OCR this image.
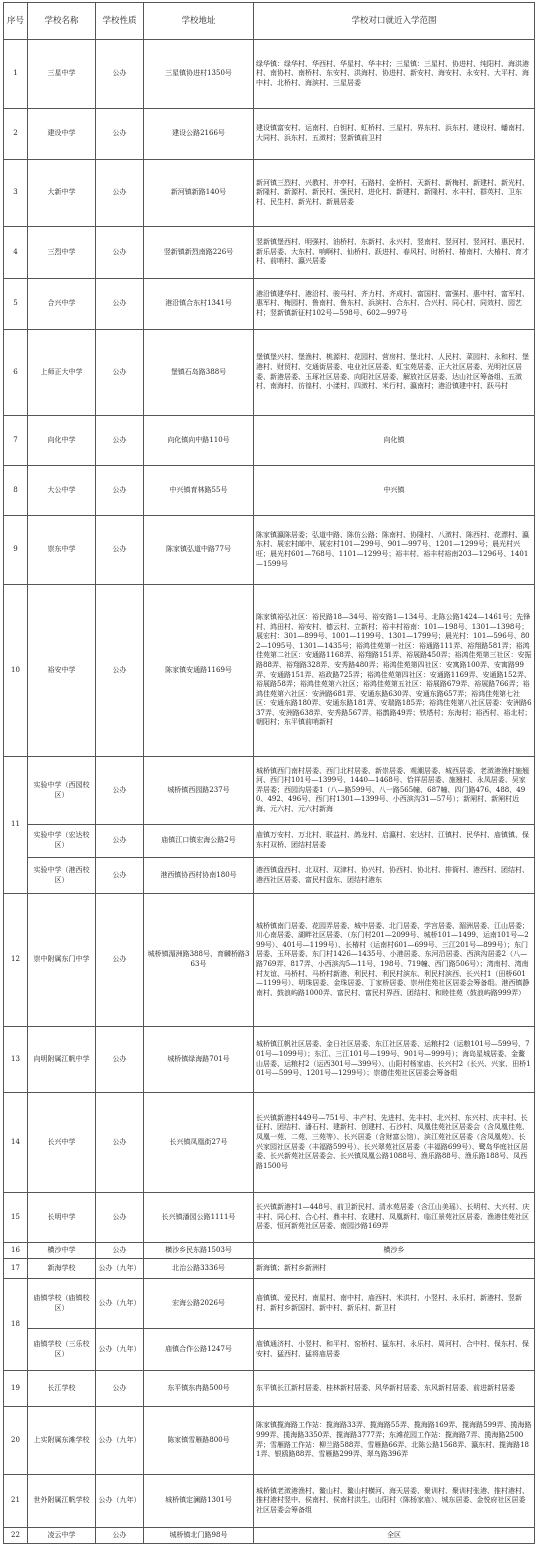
序号	学校名称	学校性质	学校地址	学校对口就近入学范围
1	三星中学	公办	三星镇协进村1350号	绿华镇：绿华村、华西村、华星村、华丰村；三星镇：三星村、协进村、纯阳村、海洪港村、南协村、南桥村、东安村、洪海村、协进村、新安村、海安村、永安村、大平村、海中村、北桥村、海滨村、三星居委
2	建设中学	公办	建设公路2166号	建设镇富安村、运南村、白钥村、虹桥村、三星村、界东村、浜东村、建设村、蟠南村、大同村、浜东村、五滧村；竖新镇前卫村
3	大新中学	公办	新河镇新路140号	新河镇三烈村、兴教村、井亭村、石路村、金桥村、天新村、新梅村、新建村、新光村、新隆村、新源村、新民村、强民村、进化村、新建村、新隆村、水丰村、群英村、卫东村、民生村、新光村、新晨居委
4	三烈中学	公办	竖新镇新烈南路226号	竖新镇堡西村、明强村、油桥村、东新村、永兴村、竖南村、竖河村、竖河村、惠民村、新乐居委、大东村、响啊村、仙桥村、跃进村、春风村、时桥村、椿南村、大椿村、育才村、前哨村、瀛兴居委
5	合兴中学	公办	港沿镇合东村1341号	港沿镇建华村、港沿村、骏马村、齐力村、齐成村、富国村、富强村、惠中村、富军村、惠军村、梅园村、鲁南村、鲁东村、浜滨村、合东村、合兴村、同心村、同效村、园艺村；竖新镇新征村102号—598号、602—997号
6	上师正大中学	公办	堡镇石岛路388号	堡镇堡兴村、堡渔村、桃源村、花园村、营房村、堡北村、人民村、菜园村、永和村、堡港村、财贸村、交通街居委、电业社区居委、虹宝苑居委、正大社区居委、光明社区居委、新港居委、玉琢社区居委、向阳社区居委、解放社区居委、达山社区筹备组、五滧村、南海村、彷徨村、小漾村、四滧村、米行村、瀛南村；港沿镇建中村、跃马村
7	向化中学	公办	向化镇向中路110号	向化镇
8	大公中学	公办	中兴镇育林路55号	中兴镇
9	崇东中学	公办	陈家镇弘道中路77号	陈家镇瀛陈居委；弘道中路、陈仿公路；陈南村、协隆村、八滧村、陈西村、花漂村、瀛东村、展宏村邮中、展宏村101—299号、901—997号、1201—1299号；晨光村兴旺；晨光村601—768号、1101—1299号；裕丰村、裕丰村裕南203—1296号、1401—1599号
10	裕安中学	公办	陈家镇安通路1169号	陈家镇裕弘社区：裕民路18—34号、裕安路1—134号、北陈公路1424—1461号；先锋村、鸿田村、裕安村、德云村、立新村；裕丰村裕南：101—198号、1301—1398号；展宏村：301—899号、1001—1199号、1301—1799号；晨光村：101—596号、802—1095号、1301—1435号；裕鸿佳苑第一社区：裕通路111弄、裕翔路581弄；裕鸿佳苑第二社区：安通路1168弄、裕翔路151弄、裕展路450弄；裕鸿佳苑第三社区：安振路88弄、裕翔路328弄、安秀路480弄；裕鸿佳苑第四社区：安寓路100弄、安寓路99弄、安通路151弄、裕政路725弄；裕鸿佳苑第四社区：安通路1169弄、安通路152弄、裕展路58弄；裕鸿佳苑第六社区；裕鸿佳苑第五社区：裕展路679弄、裕展路766弄；裕鸿佳苑第六社区：安洲路681弄、安通东路630弄、安通东路657弄；裕鸿佳苑第七社区：安通东路180弄、安通东路181弄、安瑞路185弄；裕鸿佳苑第八社区居委：安洲路637弄、安洲路638弄、安秀路567弄、裕鹊路49弄；铁塔村；东海村；裕西村、裕北村；朝阳村；东平镇前哨新村
11	实验中学（西园校区）	公办	城桥镇西园路237号	城桥镇西门南村居委、西门北村居委、新崇居委、观潮居委、城西居委、老滧港渔村施翘河、西门村101号—1399号、1440—1468号、恰祥居居委、施翘村、永凤居委、吴家弄居委；西园沟居委1（八—路599号、八一路565幢、687幢、四门路476、488、490、492、496号、西门村1301—1399号、小西滨沟31—57号）；新闸村、新闸村近海、元六村、元六村新海
	实验中学（宏达校区）	公办	庙镇江口镇宏海公路2号	庙镇万安村、万北村、联益村、鸽龙村、启瀛村、宏达村、江镇村、民华村、庙镇镇、保东村双桥、团结村居委
	实验中学（港西校区）	公办	港西镇协西村协南180号	港西镇盘西村、北双村、双津村、协兴村、协西村、协北村、排衙村、港西村、团结村、港西社区居委、富民村盘东、团结村港东
12	崇中附属东门中学	公办	城桥镇湄洲路388号、育麟桥路363号	城桥镇南门居委、花园弄居委、城中居委、北门居委、学宫居委、湄洲居委、江山居委；川心南居委、湖畔社区居委、（东门村201—2099号、城桥101—1499、运南101号—299号）、401号—1199号）、长椿村（运南村601—699号、三江201号—899号）；东门居委、玉环居委、东门村1426—1435号、小港居委、东河沿居委、西滨沟居委2（八—路769弄、817弄、小西滨沟5—11号、198号、719幢、西门路506号）；湾南村、湾南村友谊、马桥村、马桥村新港、利民村、利民村滨东、利民村滨西、长兴村1（田桥601—1199号）、明珠居委、金珠居委、丁家桥居委、崇州佳苑社区居委会筹备组。港西镇静南村、鼓浪屿路1000弄、富民村、富民村界西、团结村、和睦佳苑（鼓浪屿路999弄）
13	向明附属江帆中学	公办	城桥镇绿海路701号	城桥镇江帆社区居委、金日社区居委、东江社区居委、运粮村2（运粮101号—599号、701号—1099号）；东江、三江101号—199号、901号—999号）；海岛星城居委、金鳌山居委、运粮村2（运西301号—399号）、山阳村杨家庙、长兴村2（长兴、兴家、田桥101号—599号、1201号—1299号）；崇德佳苑社区居委会筹备组
14	长兴中学	公办	长兴镇凤凰街27号	长兴镇新港村449号—751号、丰产村、先进村、先丰村、北兴村、东兴村、庆丰村、长征村、团结村、潘石村、建新村、创建村、石沙村、凤凰佳苑社区居委会（含凤凰佳苑、凤凰一苑、二苑、三苑等）、长兴居委（含财富公馆）、滨江苑社区居委（含凤凰苑）、长兴家园社区居委（丰福路599号）、长兴翠苑社区居委（丰福路699号）、鹭岛华庭社区居委、长兴新苑社区居委会、长兴镇凤凰公路1088号、渔乐路88号、渔乐路188号、凤西路1500号
15	长明中学	公办	长兴镇潘园公路1111号	长兴镇新港村1—448号、前卫新民村、清水苑居委（含江山美瑶）、长明村、大兴村、庆丰村、同心村、合心村、鼎丰村、农建村、凤凰新村、临江景苑社区居委、渔港佳苑社区居委、恒河新苑社区居委、南园沙路169弄
16	横沙中学	公办	横沙乡民东路1503号	横沙乡
17	新海学校	公办（九年）	北治公路3336号	新海镇；新村乡新洲村
18	庙镇学校（庙镇校区）	公办（九年）	宏海公路2026号	庙镇镇、爱民村、南星村、南中村、庙西村、米洪村、小竖村、永乐村、新港村、竖新村、新村乡新国村、新中村、新乐村、新卫村
	庙镇学校（三乐校区）	公办（九年）	庙镇合作公路1247号	庙镇通济村、小竖村、和平村、窑桥村、猛东村、永乐村、周河村、合中村、保东村、保安村、猛西村、猛将庙居委
19	长江学校	公办	东平镇东冉路500号	东平镇长江新村居委、桂林新村居委、风华新村居委、东风新村居委、前进新村居委
20	上实附属东滩学校	公办（九年）	陈家镇雪雁路800号	陈家镇揽海路工作站：揽海路33弄、揽海路55弄、揽海路169弄、揽海路599弄、揽海路999弄、揽海路3350弄、揽海路3777弄；东滩花园工作站：揽海路7弄、揽海路2500弄；雪雁路工作站：柳兰路588弄、雪雁路66弄、北陈公路1568弄、瀛东村、揽海路181弄、银鸥路88弄、雪雁路299弄、翠鸟路396弄
21	世外附属江帆学校	公办（九年）	城桥镇定澜路1301号	城桥镇老滧港渔村、鳌山村、鳌山村横河、海天居委、聚训村、聚训村张港、推村港村、推村港村竖中、侯南村、侯南村洪生、山阳村（陈杨家庙）、城东居委、金悦府社区居委社区居委会筹备组
22	凌云中学	公办	城桥镇北门路98号	全区
